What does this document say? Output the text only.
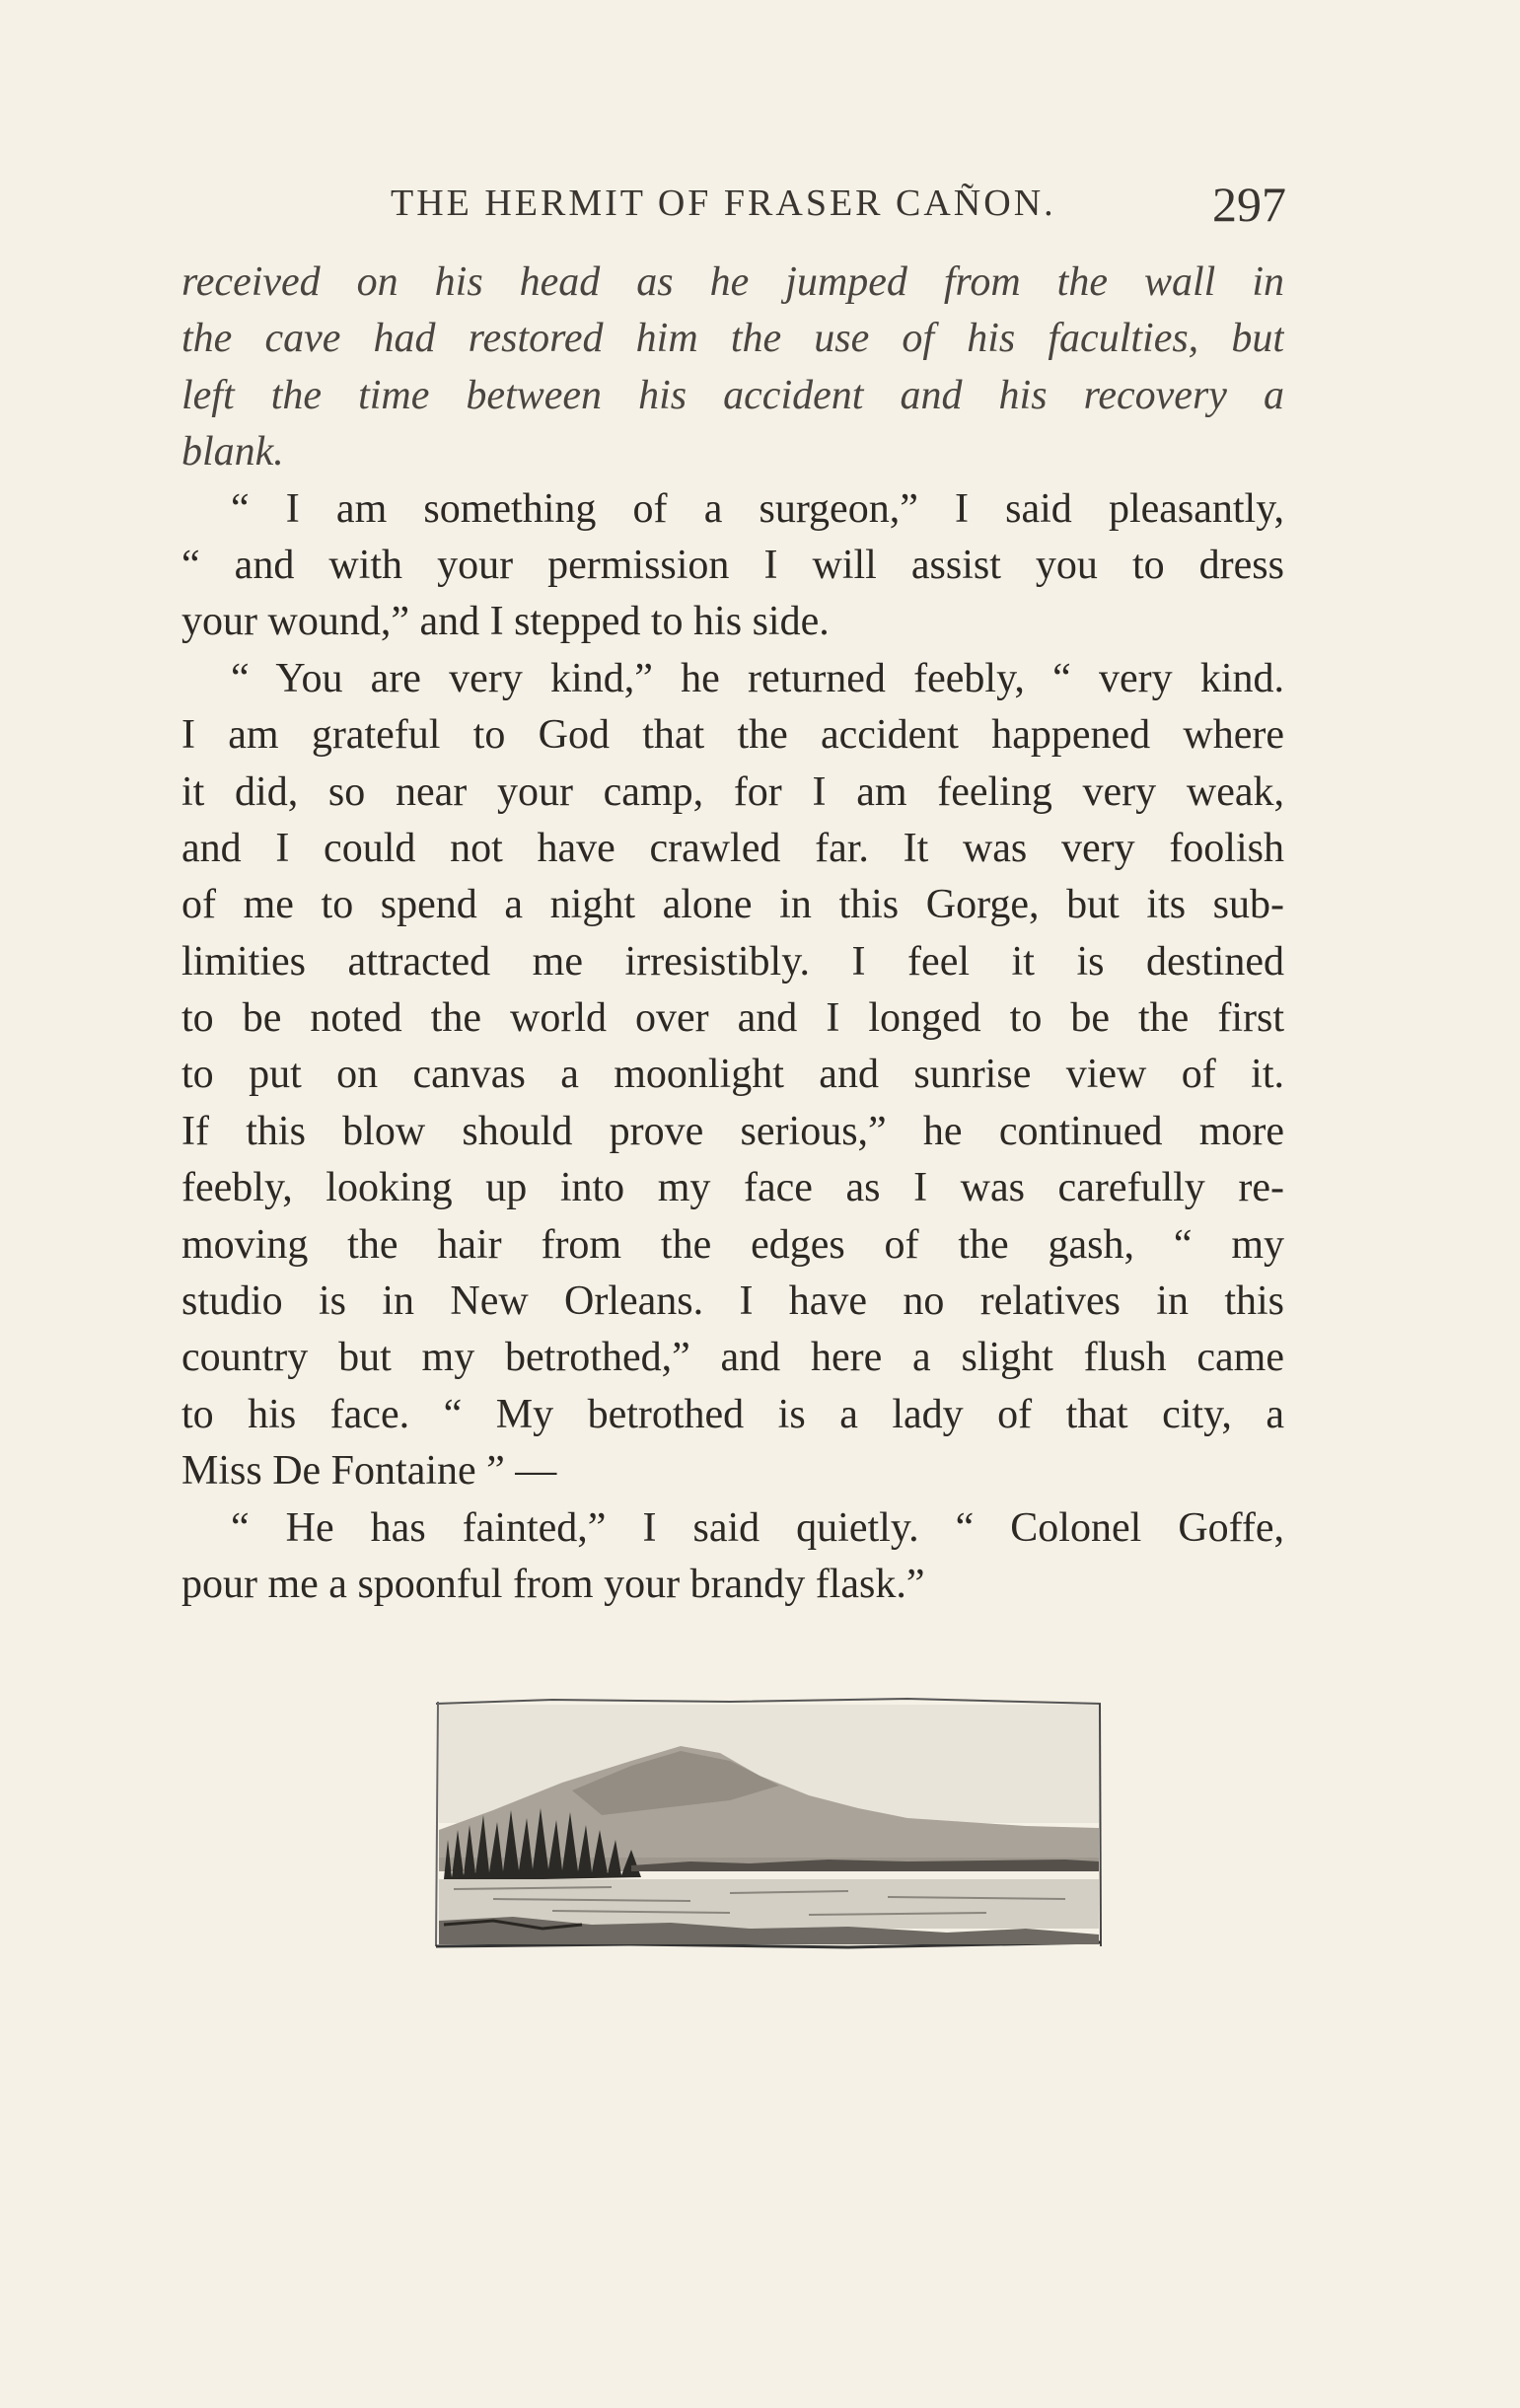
THE HERMIT OF FRASER CAÑON.	297
received on his head as he jumped from the wall in
the cave had restored him the use of his faculties, but
left the time between his accident and his recovery a
blank.
“ I am something of a surgeon,” I said pleasantly,
“ and with your permission I will assist you to dress
your wound,” and I stepped to his side.
“ You are very kind,” he returned feebly, “ very kind.
I am grateful to God that the accident happened where
it did, so near your camp, for I am feeling very weak,
and I could not have crawled far. It was very foolish
of me to spend a night alone in this Gorge, but its sub-
limities attracted me irresistibly. I feel it is destined
to be noted the world over and I longed to be the first
to put on canvas a moonlight and sunrise view of it.
If this blow should prove serious,” he continued more
feebly, looking up into my face as I was carefully re-
moving the hair from the edges of the gash, “ my
studio is in New Orleans. I have no relatives in this
country but my betrothed,” and here a slight flush came
to his face. “ My betrothed is a lady of that city, a
Miss De Fontaine ” —
“ He has fainted,” I said quietly. “ Colonel Goffe,
pour me a spoonful from your brandy flask.”
